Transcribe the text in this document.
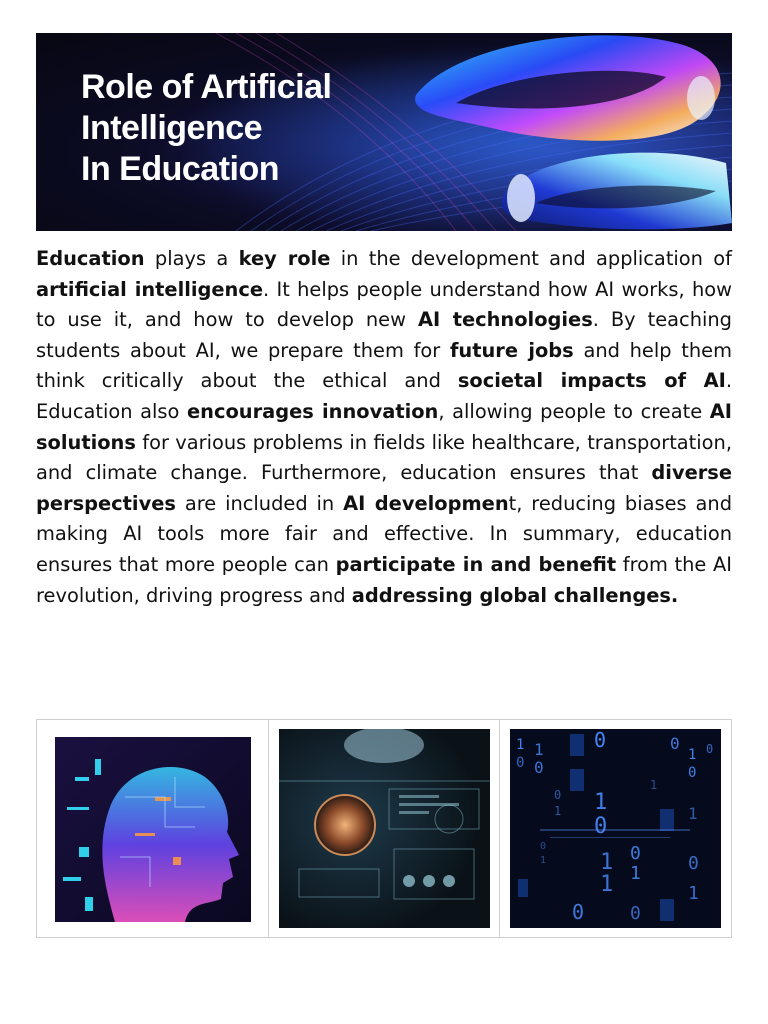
Role of Artificial
Intelligence
In Education

Education plays a key role in the development and application of artificial intelligence. It helps people understand how AI works, how to use it, and how to develop new AI technologies. By teaching students about AI, we prepare them for future jobs and help them think critically about the ethical and societal impacts of AI. Education also encourages innovation, allowing people to create AI solutions for various problems in fields like healthcare, transportation, and climate change. Furthermore, education ensures that diverse perspectives are included in AI development, reducing biases and making AI tools more fair and effective. In summary, education ensures that more people can participate in and benefit from the AI revolution, driving progress and addressing global challenges.

1
0
1
0
0
1
0
1
0
1
1
0
1
0
0
1
0
1
0
0
1
0
1
0
1
